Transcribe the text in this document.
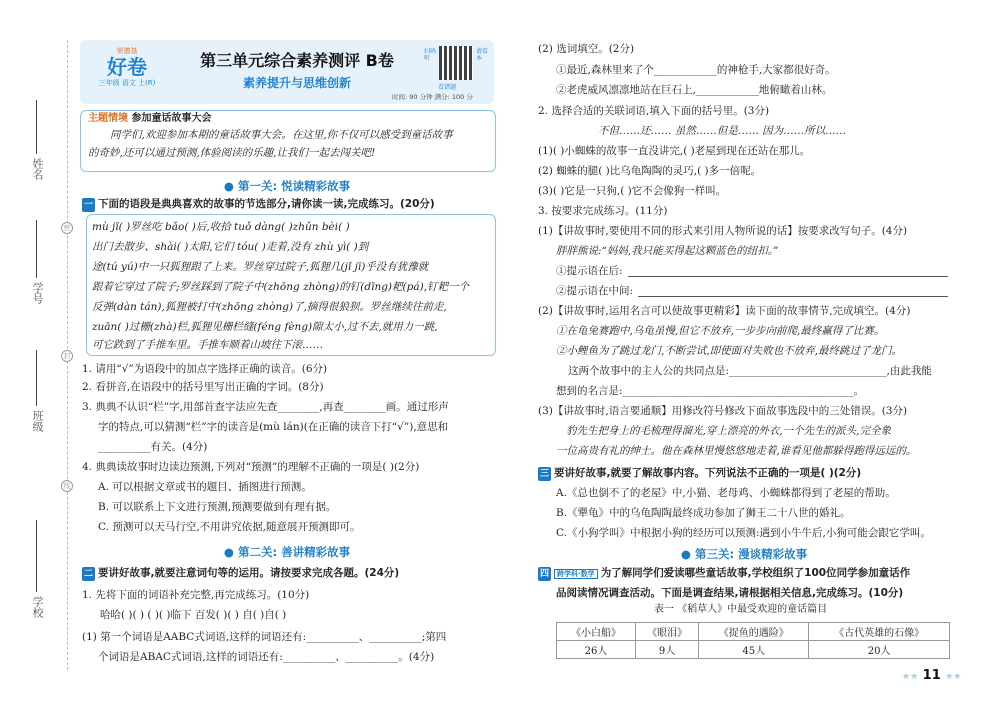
姓名
学号
班级
学校
密
封
线
荣德基
好卷
三年级 语文 上(R)
第三单元综合素养测评 B卷
素养提升与思维创新
扫码听
请看本
看错题
时间: 90 分钟 满分: 100 分
主题情境 参加童话故事大会
同学们,欢迎参加本期的童话故事大会。在这里,你不仅可以感受到童话故事
的奇妙,还可以通过预测,体验阅读的乐趣,让我们一起去闯关吧!
● 第一关: 悦读精彩故事
一 下面的语段是典典喜欢的故事的节选部分,请你读一读,完成练习。(20分)
mù jī( )罗丝吃 bǎo( )后,收拾 tuǒ dàng( )zhǔn bèi( )
出门去散步、shài( )太阳,它们 tóu( )走着,没有 zhù yì( )到
途(tú yú)中一只狐狸跟了上来。罗丝穿过院子,狐狸几(jǐ jī)乎没有犹豫就
跟着它穿过了院子;罗丝踩到了院子中(zhōng zhòng)的钉(dīng)耙(pá),钉耙一个
反弹(dàn tán),狐狸被打中(zhōng zhòng)了,摘得很狼狈。罗丝继续往前走,
zuān( )过栅(zhà)栏,狐狸见栅栏缝(féng fèng)隙太小,过不去,就用力一跳,
可它跌到了手推车里。手推车顺着山坡往下滚……
1. 请用“√”为语段中的加点字选择正确的读音。(6分)
2. 看拼音,在语段中的括号里写出正确的字词。(8分)
3. 典典不认识“栏”字,用部首查字法应先查________,再查________画。通过形声
字的特点,可以猜测“栏”字的读音是(mù lán)(在正确的读音下打“√”),意思和
__________有关。(4分)
4. 典典读故事时边读边预测,下列对“预测”的理解不正确的一项是( )(2分)
A. 可以根据文章或书的题目、插图进行预测。
B. 可以联系上下文进行预测,预测要做到有理有据。
C. 预测可以天马行空,不用讲究依据,随意展开预测即可。
● 第二关: 善讲精彩故事
二 要讲好故事,就要注意词句等的运用。请按要求完成各题。(24分)
1. 先将下面的词语补充完整,再完成练习。(10分)
哈哈( )( ) ( )( )临下 百发( )( ) 自( )自( )
(1) 第一个词语是AABC式词语,这样的词语还有:__________、__________;第四
个词语是ABAC式词语,这样的词语还有:__________、__________。(4分)
(2) 选词填空。(2分)
①最近,森林里来了个____________的神枪手,大家都很好奇。
②老虎威风凛凛地站在巨石上,____________地俯瞰着山林。
2. 选择合适的关联词语,填入下面的括号里。(3分)
不但……还…… 虽然……但是…… 因为……所以……
(1)( )小蜘蛛的故事一直没讲完,( )老屋到现在还站在那儿。
(2) 蜘蛛的腿( )比乌龟陶陶的灵巧,( )多一倍呢。
(3)( )它是一只狗,( )它不会像狗一样叫。
3. 按要求完成练习。(11分)
(1)【讲故事时,要使用不同的形式来引用人物所说的话】按要求改写句子。(4分)
胖胖熊说:“妈妈,我只能买得起这颗蓝色的纽扣。”
①提示语在后:
②提示语在中间:
(2)【讲故事时,运用名言可以使故事更精彩】读下面的故事情节,完成填空。(4分)
①在龟兔赛跑中,乌龟虽慢,但它不放弃,一步步向前爬,最终赢得了比赛。
②小鲤鱼为了跳过龙门,不断尝试,即使面对失败也不放弃,最终跳过了龙门。
这两个故事中的主人公的共同点是:______________________________,由此我能
想到的名言是:____________________________________________。
(3)【讲故事时,语言要通顺】用修改符号修改下面故事选段中的三处错误。(3分)
豹先生把身上的毛梳理得溜光,穿上漂亮的外衣,一个先生的派头,完全象
一位高贵有礼的绅士。他在森林里慢悠悠地走着,谁看见他都躲得跑得远远的。
三 要讲好故事,就要了解故事内容。下列说法不正确的一项是( )(2分)
A.《总也倒不了的老屋》中,小猫、老母鸡、小蜘蛛都得到了老屋的帮助。
B.《犟龟》中的乌龟陶陶最终成功参加了狮王二十八世的婚礼。
C.《小狗学叫》中根据小狗的经历可以预测:遇到小牛牛后,小狗可能会跟它学叫。
● 第三关: 漫谈精彩故事
四 跨学科·数学 为了解同学们爱读哪些童话故事,学校组织了100位同学参加童话作
品阅读情况调查活动。下面是调查结果,请根据相关信息,完成练习。(10分)
表一 《稻草人》中最受欢迎的童话篇目
《小白船》	《眼泪》	《捉鱼的遇险》	《古代英雄的石像》
26人	9人	45人	20人
★★ 11 ★★
